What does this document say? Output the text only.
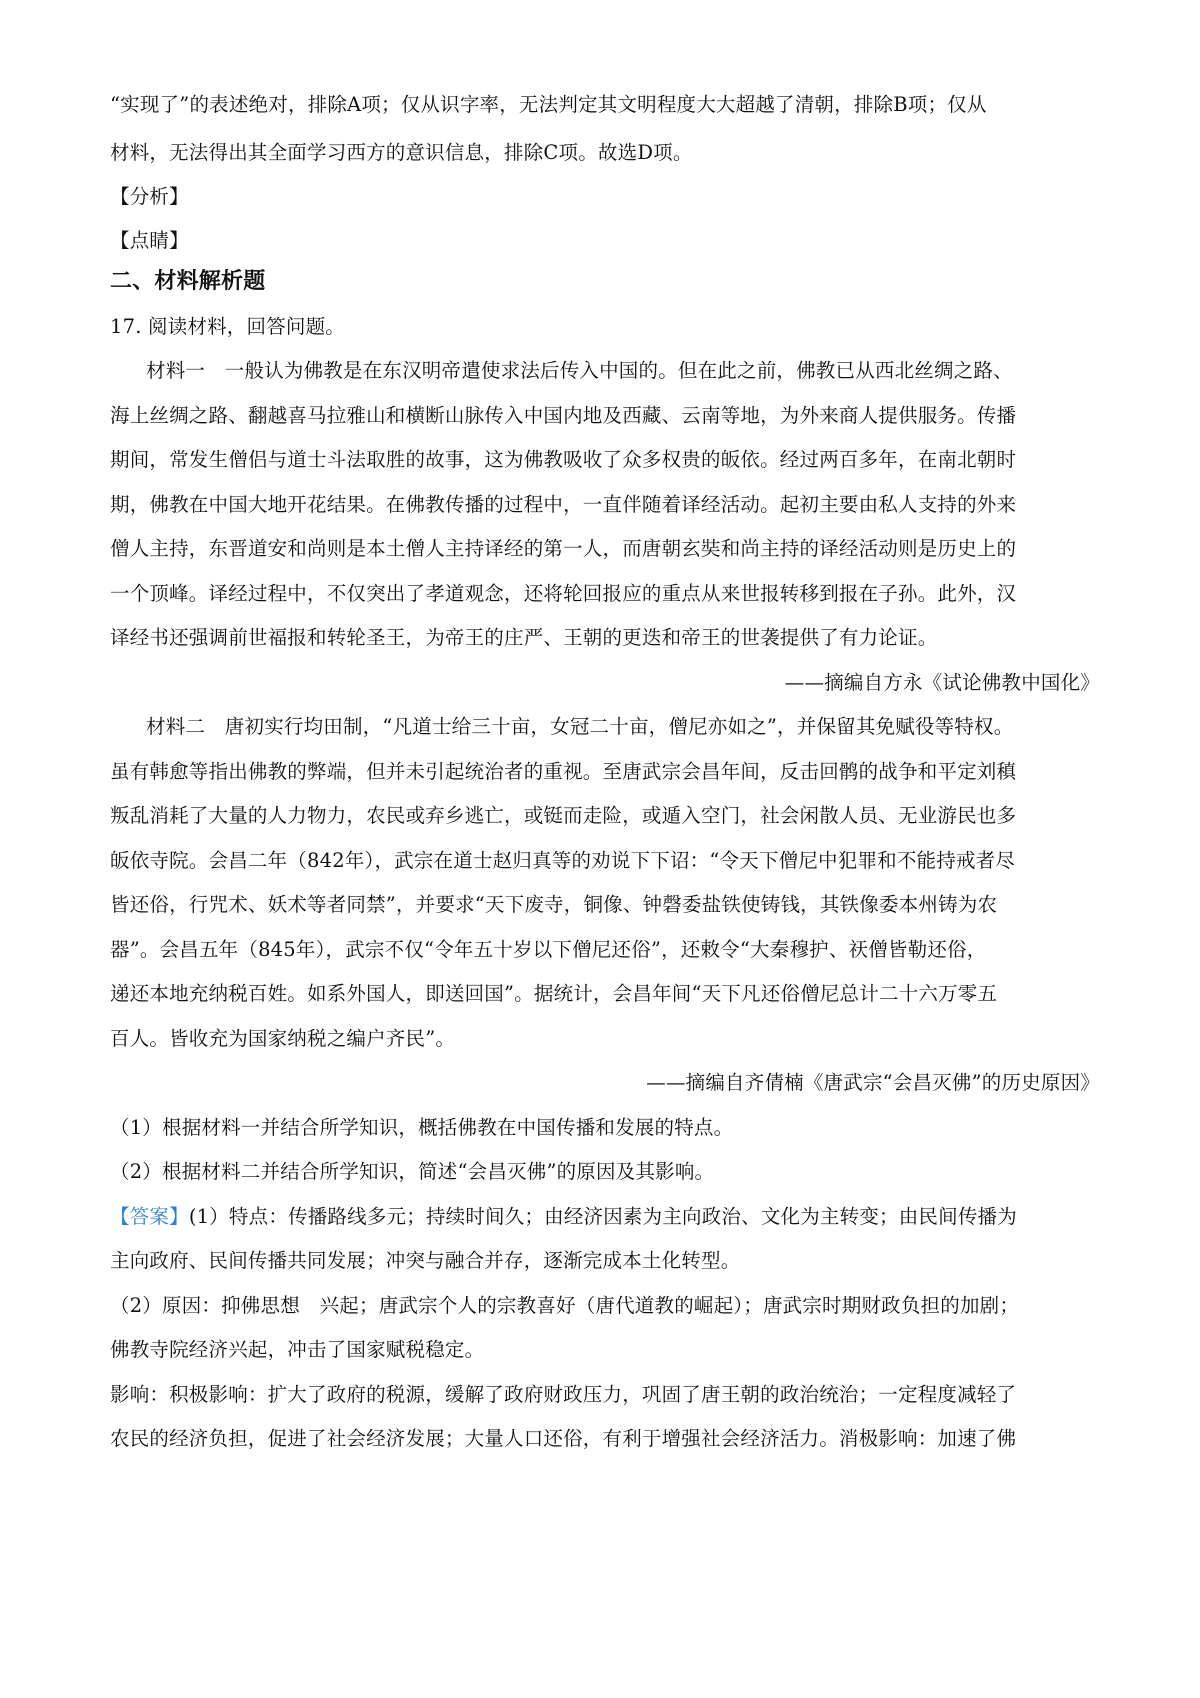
“实现了”的表述绝对，排除A项；仅从识字率，无法判定其文明程度大大超越了清朝，排除B项；仅从
材料，无法得出其全面学习西方的意识信息，排除C项。故选D项。
【分析】
【点睛】
二、材料解析题
17. 阅读材料，回答问题。
材料一　一般认为佛教是在东汉明帝遣使求法后传入中国的。但在此之前，佛教已从西北丝绸之路、
海上丝绸之路、翻越喜马拉雅山和横断山脉传入中国内地及西藏、云南等地，为外来商人提供服务。传播
期间，常发生僧侣与道士斗法取胜的故事，这为佛教吸收了众多权贵的皈依。经过两百多年，在南北朝时
期，佛教在中国大地开花结果。在佛教传播的过程中，一直伴随着译经活动。起初主要由私人支持的外来
僧人主持，东晋道安和尚则是本土僧人主持译经的第一人，而唐朝玄奘和尚主持的译经活动则是历史上的
一个顶峰。译经过程中，不仅突出了孝道观念，还将轮回报应的重点从来世报转移到报在子孙。此外，汉
译经书还强调前世福报和转轮圣王，为帝王的庄严、王朝的更迭和帝王的世袭提供了有力论证。
——摘编自方永《试论佛教中国化》
材料二　唐初实行均田制，“凡道士给三十亩，女冠二十亩，僧尼亦如之”，并保留其免赋役等特权。
虽有韩愈等指出佛教的弊端，但并未引起统治者的重视。至唐武宗会昌年间，反击回鹘的战争和平定刘稹
叛乱消耗了大量的人力物力，农民或弃乡逃亡，或铤而走险，或遁入空门，社会闲散人员、无业游民也多
皈依寺院。会昌二年（842年），武宗在道士赵归真等的劝说下下诏：“令天下僧尼中犯罪和不能持戒者尽
皆还俗，行咒术、妖术等者同禁”，并要求“天下废寺，铜像、钟磬委盐铁使铸钱，其铁像委本州铸为农
器”。会昌五年（845年），武宗不仅“令年五十岁以下僧尼还俗”，还敕令“大秦穆护、祆僧皆勒还俗，
递还本地充纳税百姓。如系外国人，即送回国”。据统计，会昌年间“天下凡还俗僧尼总计二十六万零五
百人。皆收充为国家纳税之编户齐民”。
——摘编自齐倩楠《唐武宗“会昌灭佛”的历史原因》
（1）根据材料一并结合所学知识，概括佛教在中国传播和发展的特点。
（2）根据材料二并结合所学知识，简述“会昌灭佛”的原因及其影响。
【答案】(1）特点：传播路线多元；持续时间久；由经济因素为主向政治、文化为主转变；由民间传播为
主向政府、民间传播共同发展；冲突与融合并存，逐渐完成本土化转型。
（2）原因：抑佛思想　兴起；唐武宗个人的宗教喜好（唐代道教的崛起）；唐武宗时期财政负担的加剧；
佛教寺院经济兴起，冲击了国家赋税稳定。
影响：积极影响：扩大了政府的税源，缓解了政府财政压力，巩固了唐王朝的政治统治；一定程度减轻了
农民的经济负担，促进了社会经济发展；大量人口还俗，有利于增强社会经济活力。消极影响：加速了佛
